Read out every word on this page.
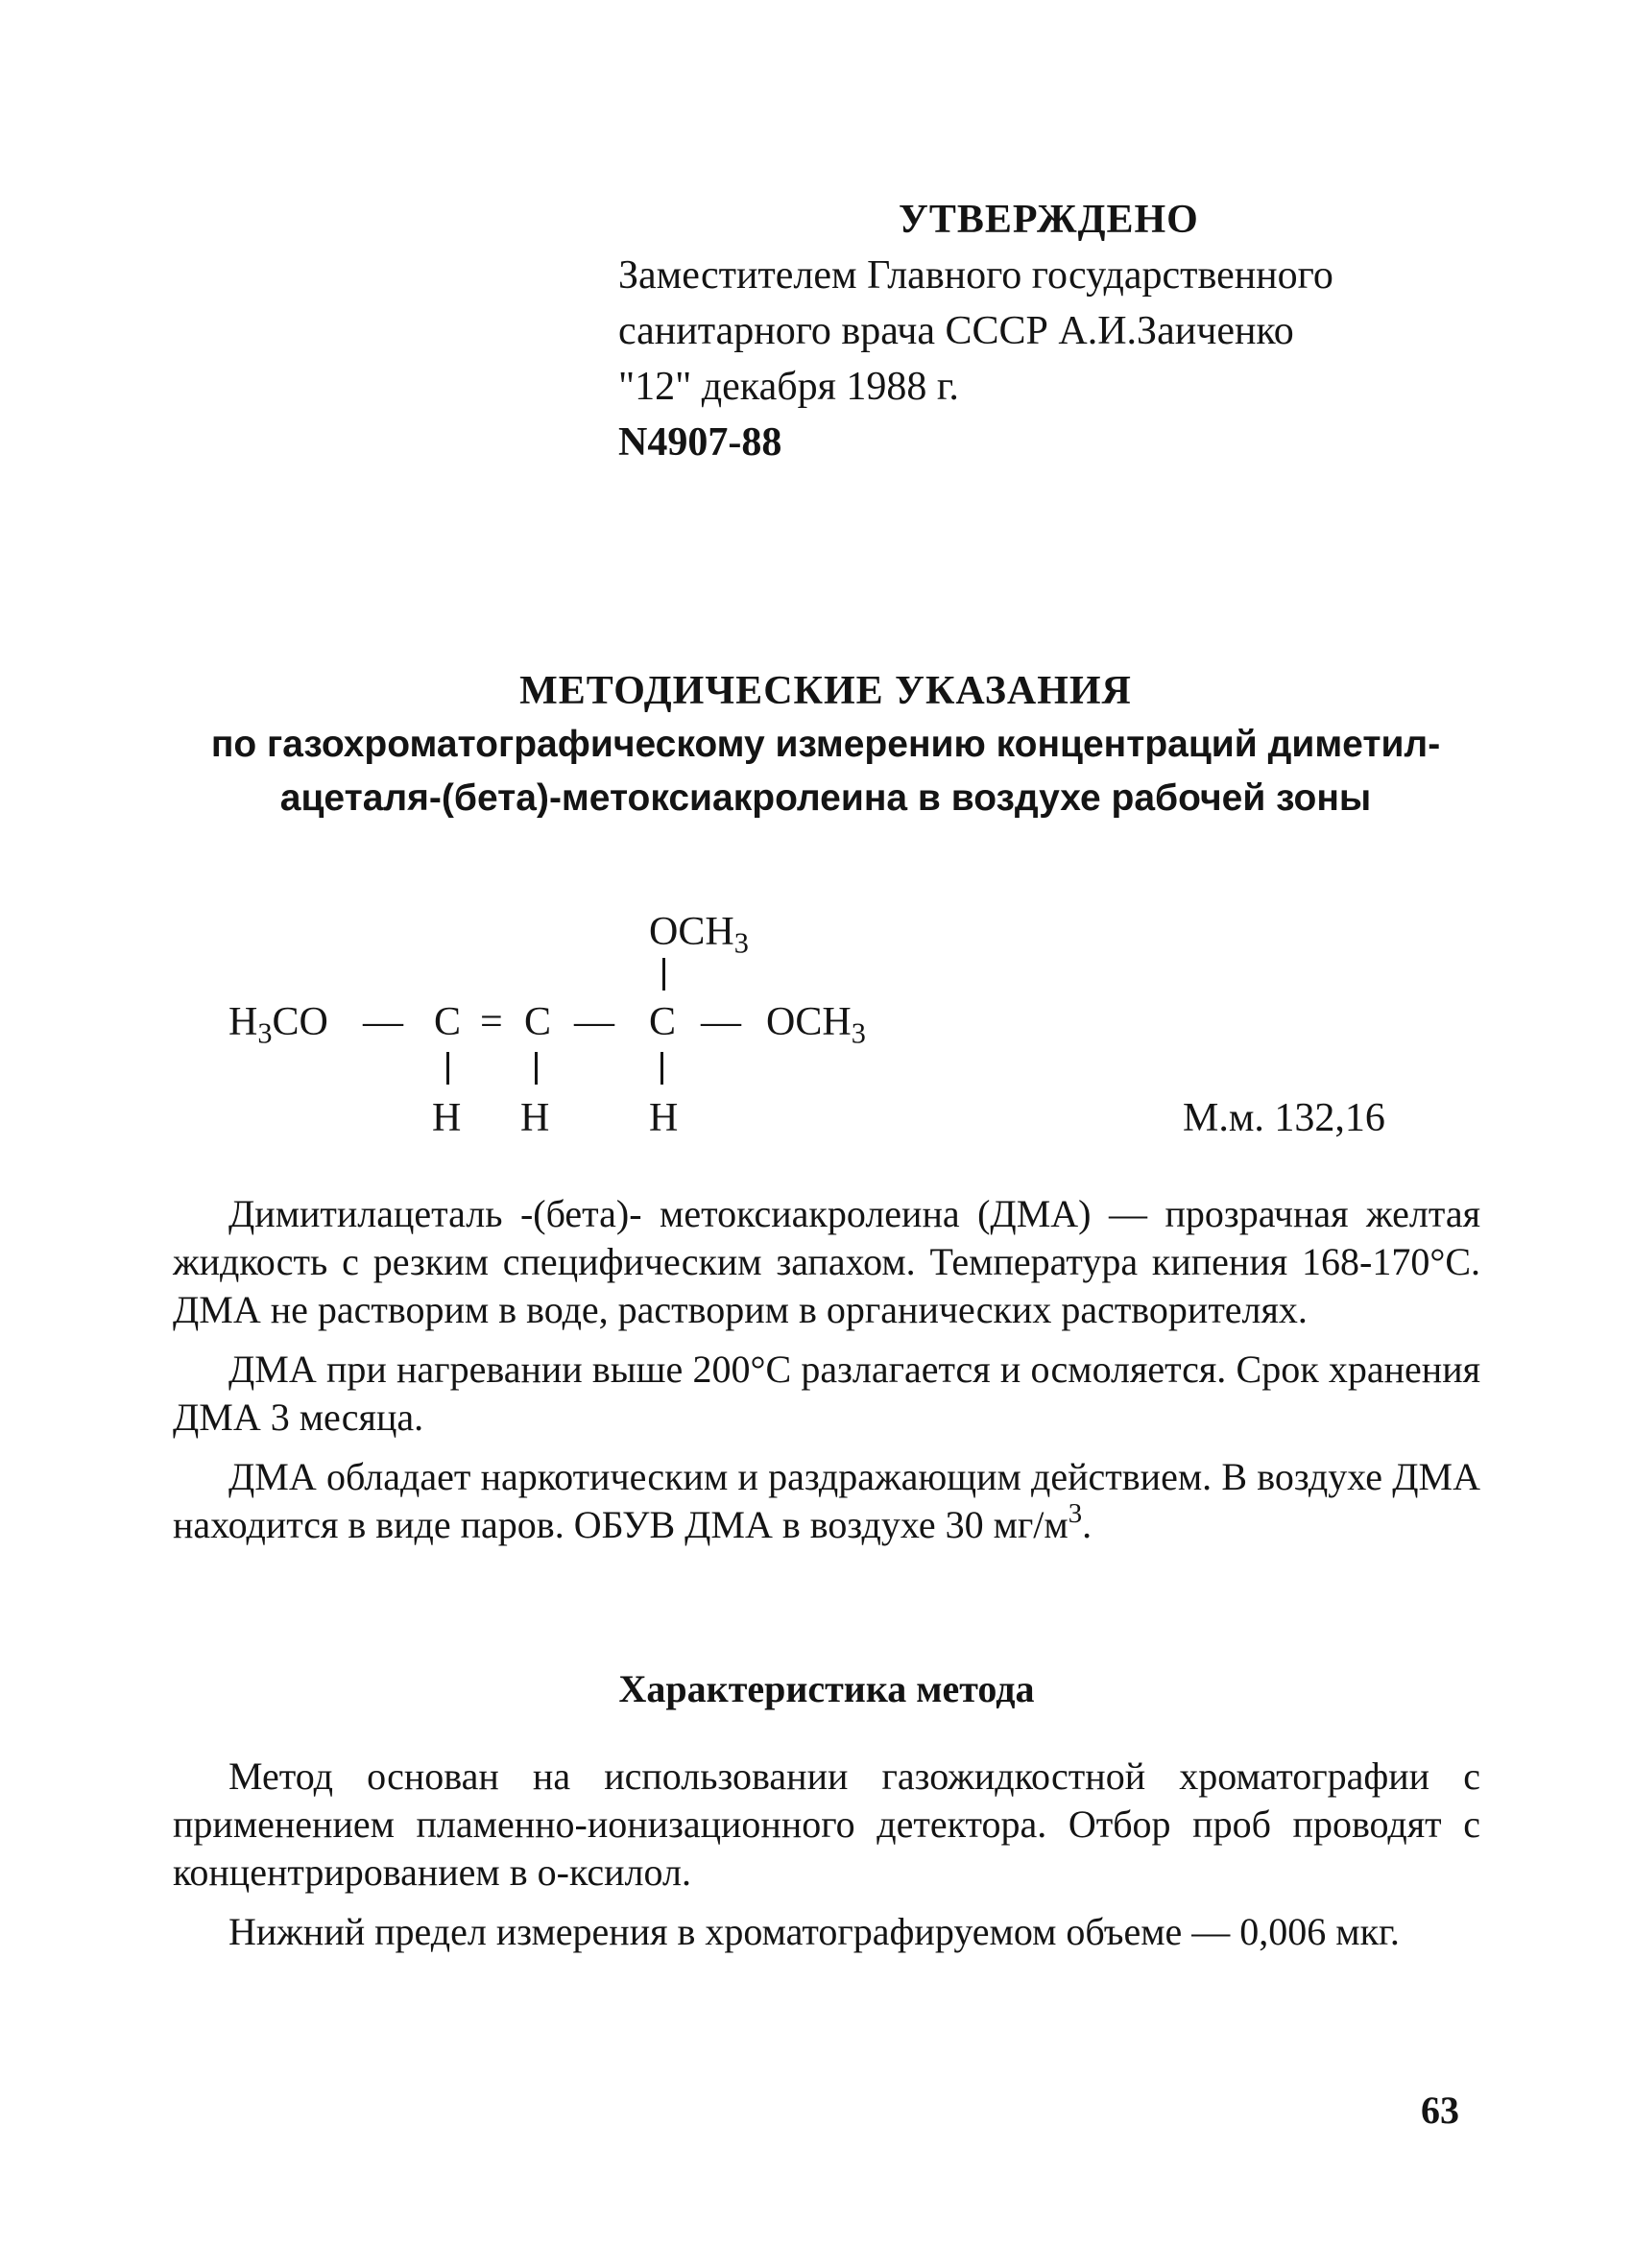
УТВЕРЖДЕНО
Заместителем Главного государственного
санитарного врача СССР А.И.Заиченко
"12" декабря 1988 г.
N4907-88
МЕТОДИЧЕСКИЕ УКАЗАНИЯ
по газохроматографическому измерению концентраций диметил-
ацеталя-(бета)-метоксиакролеина в воздухе рабочей зоны
$OCH_3$
$H_3CO$ — C = C — C — $OCH_3$
H H H	М.м. 132,16

Димитилацеталь -(бета)- метоксиакролеина (ДМА) — прозрачная желтая жидкость с резким специфическим запахом. Температура кипения 168-170°С. ДМА не растворим в воде, растворим в органических растворителях.

ДМА при нагревании выше 200°С разлагается и осмоляется. Срок хранения ДМА 3 месяца.

ДМА обладает наркотическим и раздражающим действием. В воздухе ДМА находится в виде паров. ОБУВ ДМА в воздухе 30 $мг/м^3$.

Характеристика метода

Метод основан на использовании газожидкостной хроматографии с применением пламенно-ионизационного детектора. Отбор проб проводят с концентрированием в о-ксилол.

Нижний предел измерения в хроматографируемом объеме — 0,006 мкг.

63
